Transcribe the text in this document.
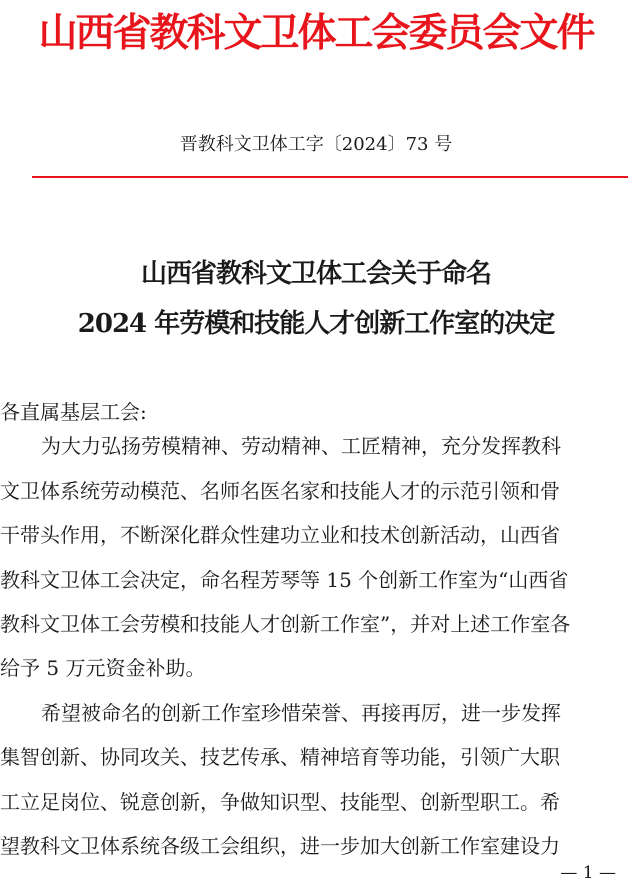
山西省教科文卫体工会委员会文件
晋教科文卫体工字〔2024〕73 号
山西省教科文卫体工会关于命名
2024 年劳模和技能人才创新工作室的决定
各直属基层工会:
为大力弘扬劳模精神、劳动精神、工匠精神，充分发挥教科
文卫体系统劳动模范、名师名医名家和技能人才的示范引领和骨
干带头作用，不断深化群众性建功立业和技术创新活动，山西省
教科文卫体工会决定，命名程芳琴等 15 个创新工作室为“山西省
教科文卫体工会劳模和技能人才创新工作室”，并对上述工作室各
给予 5 万元资金补助。
希望被命名的创新工作室珍惜荣誉、再接再厉，进一步发挥
集智创新、协同攻关、技艺传承、精神培育等功能，引领广大职
工立足岗位、锐意创新，争做知识型、技能型、创新型职工。希
望教科文卫体系统各级工会组织，进一步加大创新工作室建设力
— 1 —
